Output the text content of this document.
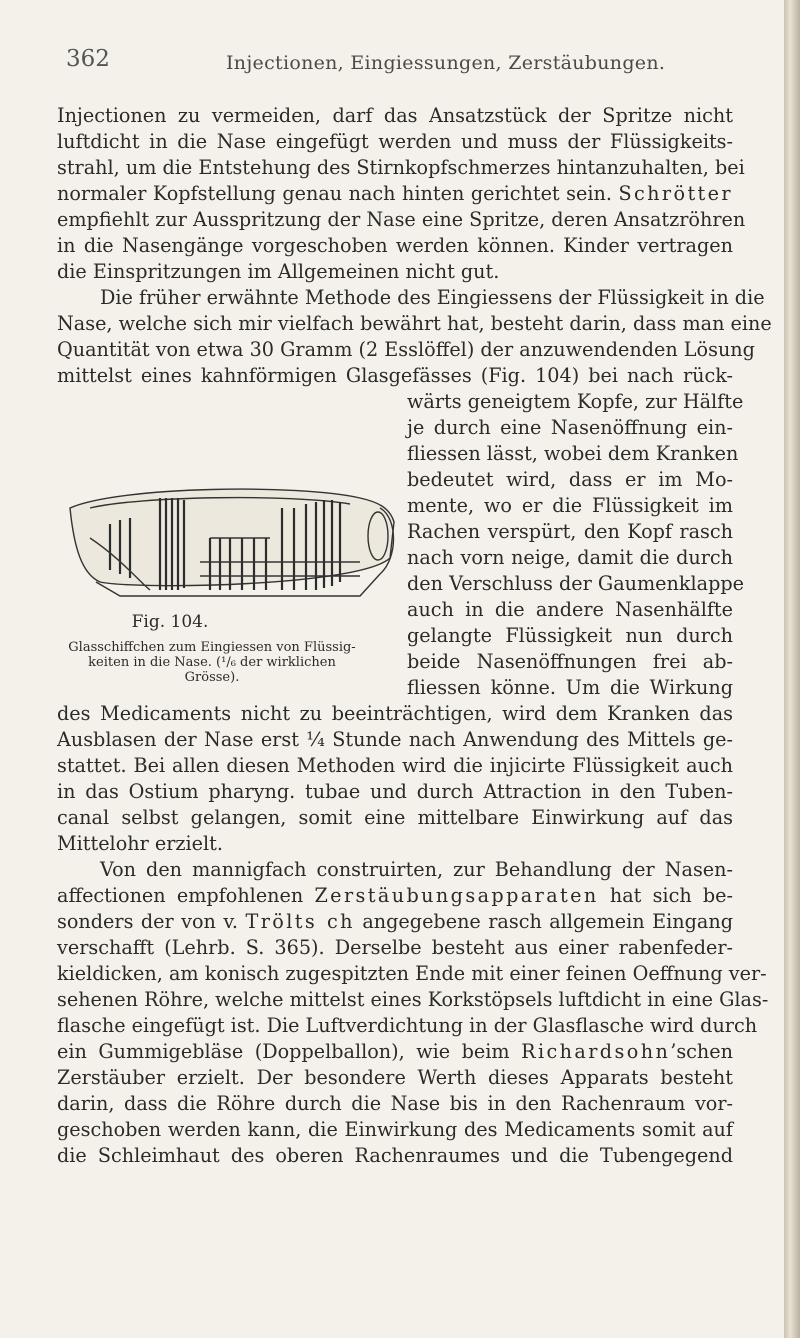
362	Injectionen, Eingiessungen, Zerstäubungen.
Injectionen zu vermeiden, darf das Ansatzstück der Spritze nicht
luftdicht in die Nase eingefügt werden und muss der Flüssigkeits-
strahl, um die Entstehung des Stirnkopfschmerzes hintanzuhalten, bei
normaler Kopfstellung genau nach hinten gerichtet sein. Schrötter
empfiehlt zur Ausspritzung der Nase eine Spritze, deren Ansatzröhren
in die Nasengänge vorgeschoben werden können. Kinder vertragen
die Einspritzungen im Allgemeinen nicht gut.
Die früher erwähnte Methode des Eingiessens der Flüssigkeit in die
Nase, welche sich mir vielfach bewährt hat, besteht darin, dass man eine
Quantität von etwa 30 Gramm (2 Esslöffel) der anzuwendenden Lösung
mittelst eines kahnförmigen Glasgefässes (Fig. 104) bei nach rück-
wärts geneigtem Kopfe, zur Hälfte
je durch eine Nasenöffnung ein-
fliessen lässt, wobei dem Kranken
bedeutet wird, dass er im Mo-
mente, wo er die Flüssigkeit im
Rachen verspürt, den Kopf rasch
nach vorn neige, damit die durch
den Verschluss der Gaumenklappe
auch in die andere Nasenhälfte
gelangte Flüssigkeit nun durch
beide Nasenöffnungen frei ab-
fliessen könne. Um die Wirkung
Fig. 104.
Glasschiffchen zum Eingiessen von Flüssig-
keiten in die Nase. (¹/₆ der wirklichen
Grösse).
des Medicaments nicht zu beeinträchtigen, wird dem Kranken das
Ausblasen der Nase erst ¼ Stunde nach Anwendung des Mittels ge-
stattet. Bei allen diesen Methoden wird die injicirte Flüssigkeit auch
in das Ostium pharyng. tubae und durch Attraction in den Tuben-
canal selbst gelangen, somit eine mittelbare Einwirkung auf das
Mittelohr erzielt.
Von den mannigfach construirten, zur Behandlung der Nasen-
affectionen empfohlenen Zerstäubungsapparaten hat sich be-
sonders der von v. Trölts ch angegebene rasch allgemein Eingang
verschafft (Lehrb. S. 365). Derselbe besteht aus einer rabenfeder-
kieldicken, am konisch zugespitzten Ende mit einer feinen Oeffnung ver-
sehenen Röhre, welche mittelst eines Korkstöpsels luftdicht in eine Glas-
flasche eingefügt ist. Die Luftverdichtung in der Glasflasche wird durch
ein Gummigebläse (Doppelballon), wie beim Richardsohn’schen
Zerstäuber erzielt. Der besondere Werth dieses Apparats besteht
darin, dass die Röhre durch die Nase bis in den Rachenraum vor-
geschoben werden kann, die Einwirkung des Medicaments somit auf
die Schleimhaut des oberen Rachenraumes und die Tubengegend
